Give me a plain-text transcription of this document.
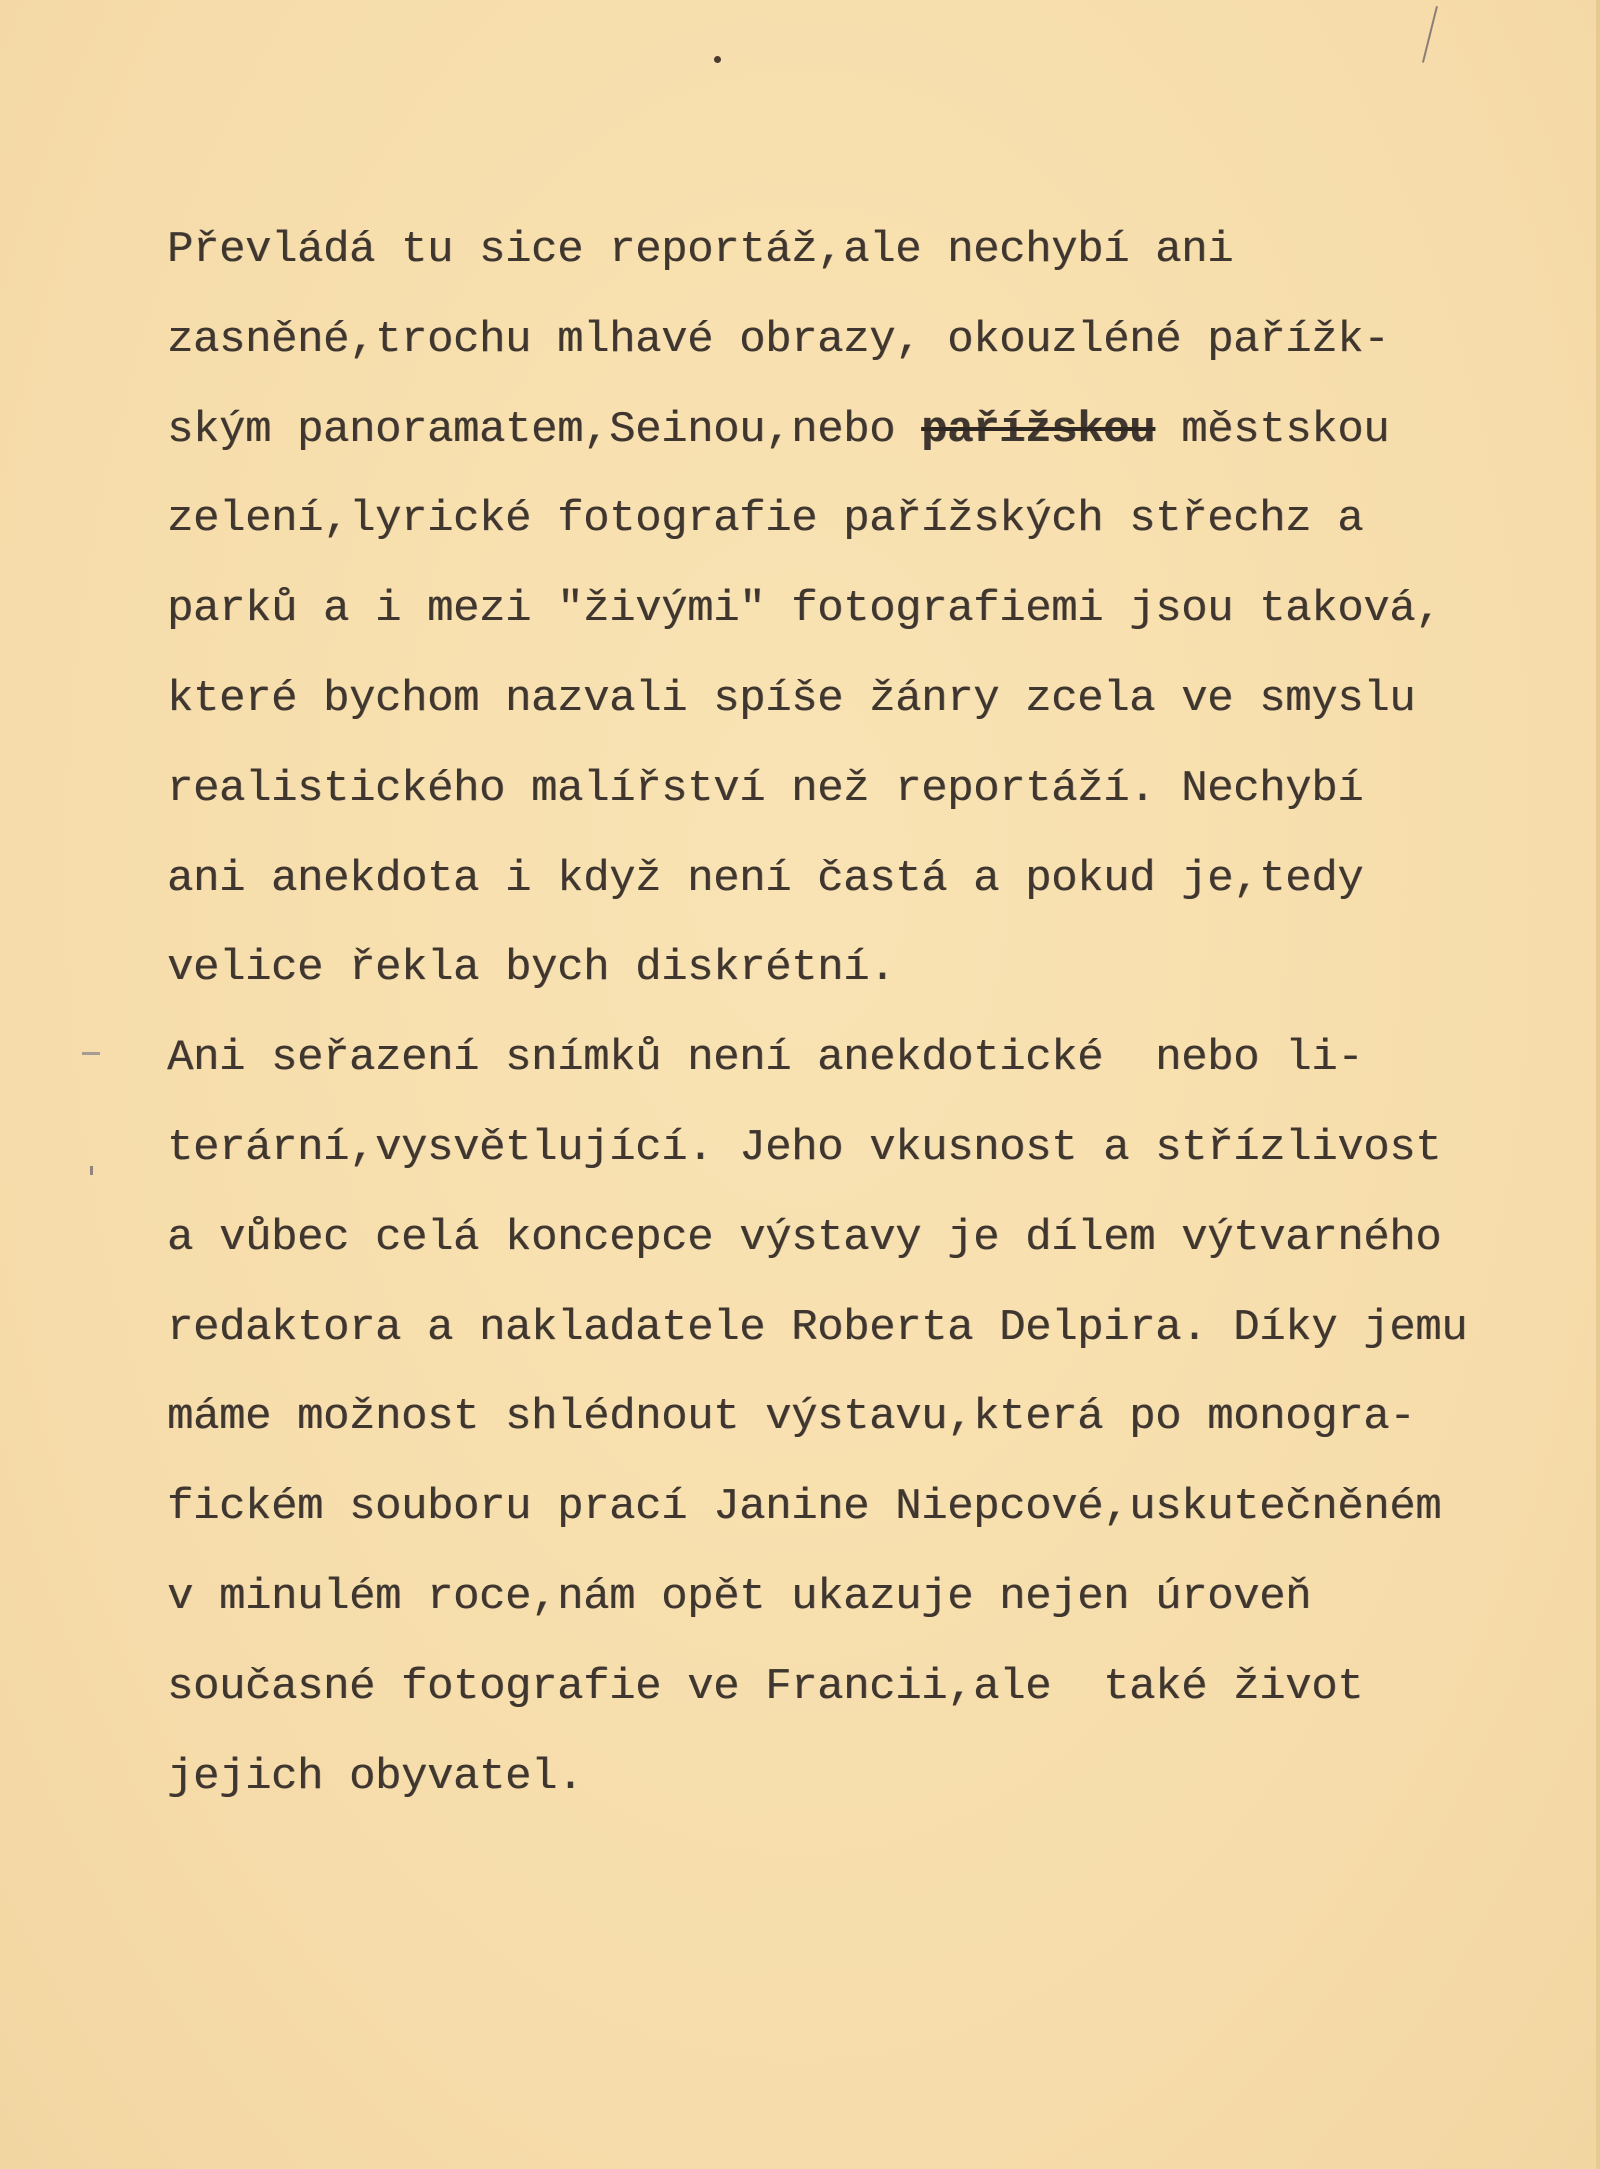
Převládá tu sice reportáž,ale nechybí ani
zasněné,trochu mlhavé obrazy, okouzléné pařížk-
ským panoramatem,Seinou,nebo pařížskou městskou
zelení,lyrické fotografie pařížských střechz a
parků a i mezi "živými" fotografiemi jsou taková,
které bychom nazvali spíše žánry zcela ve smyslu
realistického malířství než reportáží. Nechybí
ani anekdota i když není častá a pokud je,tedy
velice řekla bych diskrétní.
Ani seřazení snímků není anekdotické  nebo li-
terární,vysvětlující. Jeho vkusnost a střízlivost
a vůbec celá koncepce výstavy je dílem výtvarného
redaktora a nakladatele Roberta Delpira. Díky jemu
máme možnost shlédnout výstavu,která po monogra-
fickém souboru prací Janine Niepcové,uskutečněném
v minulém roce,nám opět ukazuje nejen úroveň
současné fotografie ve Francii,ale  také život
jejich obyvatel.
